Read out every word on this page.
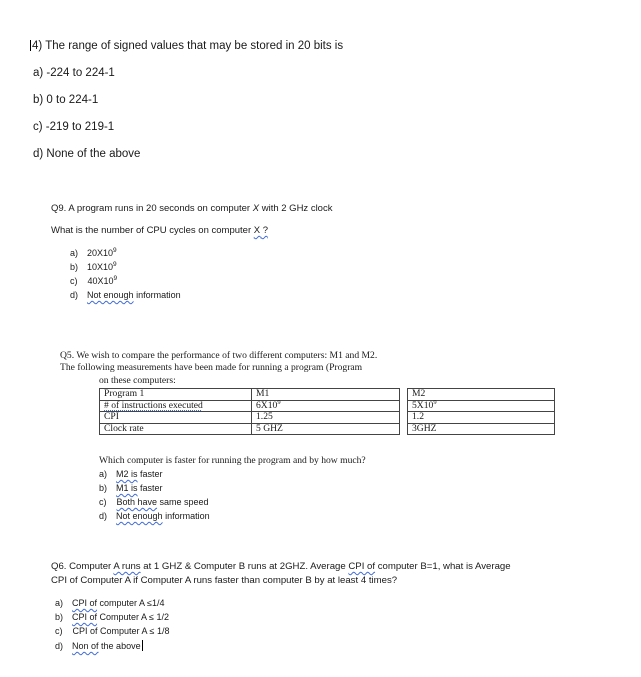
4) The range of signed values that may be stored in 20 bits is
a) -224 to 224-1
b) 0 to 224-1
c) -219 to 219-1
d) None of the above
Q9. A program runs in 20 seconds on computer X with 2 GHz clock
What is the number of CPU cycles on computer X ?
a) $20X10^9$
b) $10X10^9$
c) $40X10^9$
d) Not enough information
Q5. We wish to compare the performance of two different computers: M1 and M2.
The following measurements have been made for running a program (Program
on these computers:
Program 1	M1		M2
# of instructions executed	$6X10^9$		$5X10^9$
CPI	1.25		1.2
Clock rate	5 GHZ		3GHZ
Which computer is faster for running the program and by how much?
a) M2 is faster
b) M1 is faster
c) Both have same speed
d) Not enough information
Q6. Computer A runs at 1 GHZ & Computer B runs at 2GHZ. Average CPI of computer B=1, what is Average
CPI of Computer A if Computer A runs faster than computer B by at least 4 times?
a) CPI of computer A ≤1/4
b) CPI of Computer A ≤ 1/2
c) CPI of Computer A ≤ 1/8
d) Non of the above
